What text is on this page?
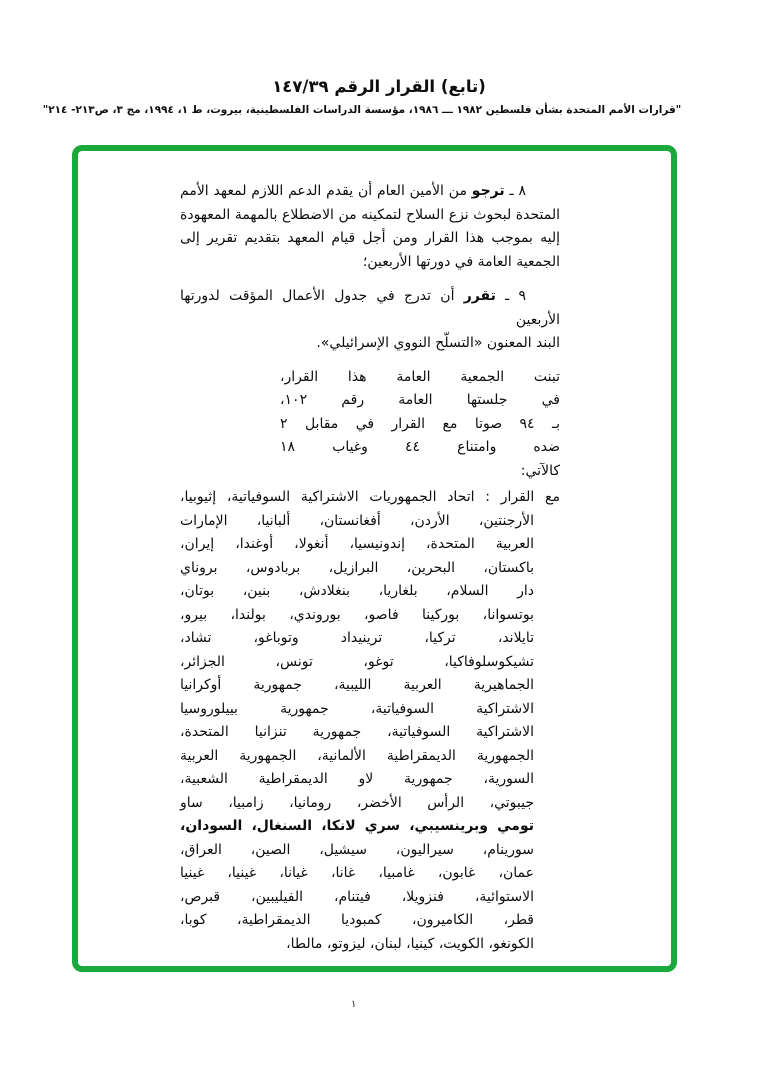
(تابع) القرار الرقم ١٤٧/٣٩
"قرارات الأمم المتحدة بشأن فلسطين ١٩٨٢ ـــ ١٩٨٦، مؤسسة الدراسات الفلسطينية، بيروت، ط ١، ١٩٩٤، مج ٣، ص٢١٣- ٢١٤"
٨ ـ ترجو من الأمين العام أن يقدم الدعم اللازم لمعهد الأمم
المتحدة لبحوث نزع السلاح لتمكينه من الاضطلاع بالمهمة المعهودة
إليه بموجب هذا القرار ومن أجل قيام المعهد بتقديم تقرير إلى
الجمعية العامة في دورتها الأربعين؛
٩ ـ تقرر أن تدرج في جدول الأعمال المؤقت لدورتها الأربعين
البند المعنون «التسلّح النووي الإسرائيلي».
تبنت الجمعية العامة هذا القرار،
في جلستها العامة رقم ١٠٢،
بـ ٩٤ صوتا مع القرار في مقابل ٢
ضده وامتناع ٤٤ وغياب ١٨
كالآتي:
مع القرار : اتحاد الجمهوريات الاشتراكية السوفياتية، إثيوبيا،
الأرجنتين، الأردن، أفغانستان، ألبانيا، الإمارات
العربية المتحدة، إندونيسيا، أنغولا، أوغندا، إيران،
باكستان، البحرين، البرازيل، بربادوس، بروناي
دار السلام، بلغاريا، بنغلادش، بنين، بوتان،
بوتسوانا، بوركينا فاصو، بوروندي، بولندا، بيرو،
تايلاند، تركيا، ترينيداد وتوباغو، تشاد،
تشيكوسلوفاكيا، توغو، تونس، الجزائر،
الجماهيرية العربية الليبية، جمهورية أوكرانيا
الاشتراكية السوفياتية، جمهورية بييلوروسيا
الاشتراكية السوفياتية، جمهورية تنزانيا المتحدة،
الجمهورية الديمقراطية الألمانية، الجمهورية العربية
السورية، جمهورية لاو الديمقراطية الشعبية،
جيبوتي، الرأس الأخضر، رومانيا، زامبيا، ساو
تومي وبرينسيبي، سري لانكا، السنغال، السودان،
سورينام، سيراليون، سيشيل، الصين، العراق،
عمان، غابون، غامبيا، غانا، غيانا، غينيا، غينيا
الاستوائية، فنزويلا، فيتنام، الفيليبين، قبرص،
قطر، الكاميرون، كمبوديا الديمقراطية، كوبا،
الكونغو، الكويت، كينيا، لبنان، ليزوتو، مالطا،
١
